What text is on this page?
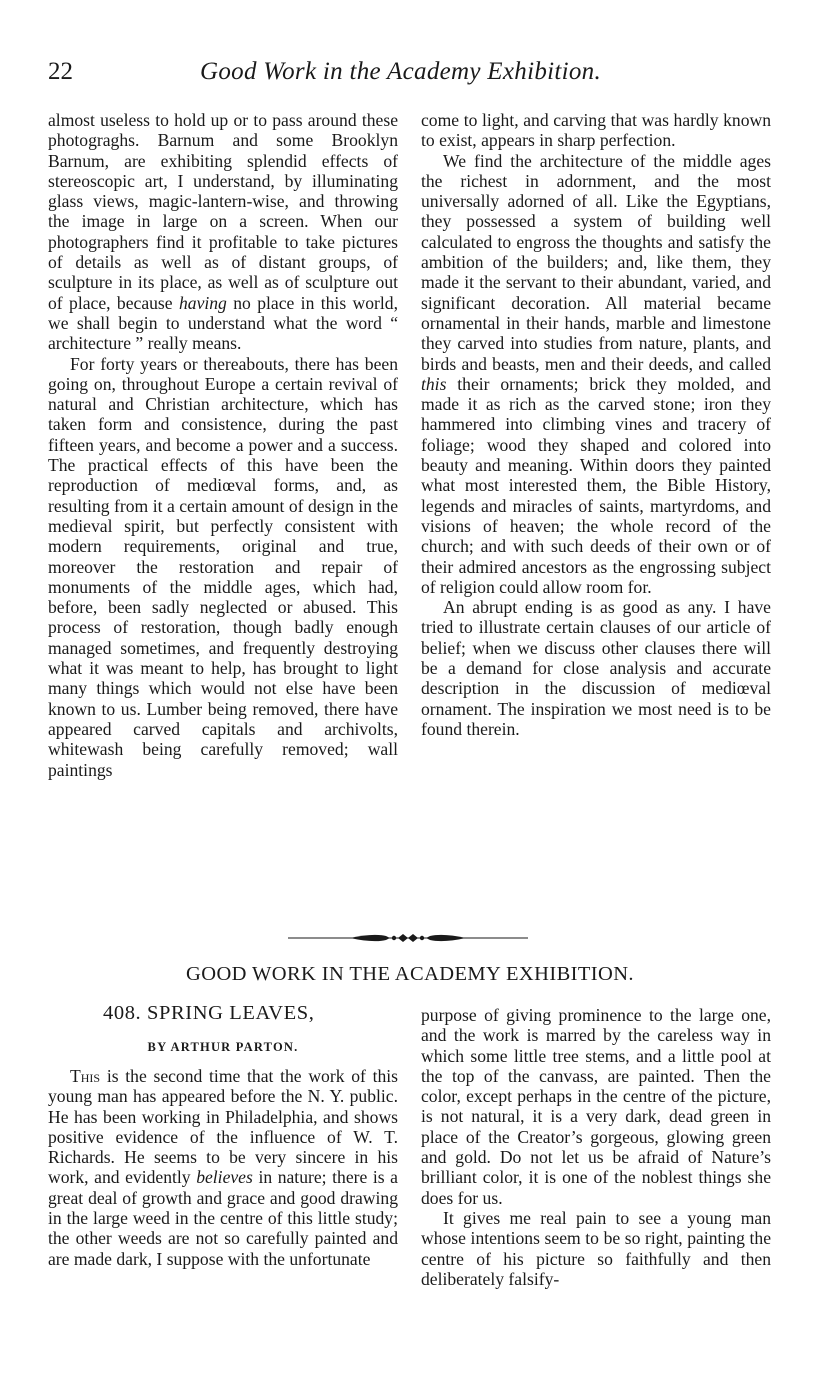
22	Good Work in the Academy Exhibition.

almost useless to hold up or to pass around these photograghs. Barnum and some Brooklyn Barnum, are exhibiting splendid effects of stereoscopic art, I understand, by illuminating glass views, magic-lantern-wise, and throwing the image in large on a screen. When our photographers find it profitable to take pictures of details as well as of distant groups, of sculpture in its place, as well as of sculpture out of place, because having no place in this world, we shall begin to understand what the word “ architecture ” really means.

For forty years or thereabouts, there has been going on, throughout Europe a certain revival of natural and Christian architecture, which has taken form and consistence, during the past fifteen years, and become a power and a success. The practical effects of this have been the reproduction of mediœval forms, and, as resulting from it a certain amount of design in the medieval spirit, but perfectly consistent with modern requirements, original and true, moreover the restoration and repair of monuments of the middle ages, which had, before, been sadly neglected or abused. This process of restoration, though badly enough managed sometimes, and frequently destroying what it was meant to help, has brought to light many things which would not else have been known to us. Lumber being removed, there have appeared carved capitals and archivolts, whitewash being carefully removed; wall paintings

come to light, and carving that was hardly known to exist, appears in sharp perfection.

We find the architecture of the middle ages the richest in adornment, and the most universally adorned of all. Like the Egyptians, they possessed a system of building well calculated to engross the thoughts and satisfy the ambition of the builders; and, like them, they made it the servant to their abundant, varied, and significant decoration. All material became ornamental in their hands, marble and limestone they carved into studies from nature, plants, and birds and beasts, men and their deeds, and called this their ornaments; brick they molded, and made it as rich as the carved stone; iron they hammered into climbing vines and tracery of foliage; wood they shaped and colored into beauty and meaning. Within doors they painted what most interested them, the Bible History, legends and miracles of saints, martyrdoms, and visions of heaven; the whole record of the church; and with such deeds of their own or of their admired ancestors as the engrossing subject of religion could allow room for.

An abrupt ending is as good as any. I have tried to illustrate certain clauses of our article of belief; when we discuss other clauses there will be a demand for close analysis and accurate description in the discussion of mediœval ornament. The inspiration we most need is to be found therein.

GOOD WORK IN THE ACADEMY EXHIBITION.
408. SPRING LEAVES,
BY ARTHUR PARTON.

This is the second time that the work of this young man has appeared before the N. Y. public. He has been working in Philadelphia, and shows positive evidence of the influence of W. T. Richards. He seems to be very sincere in his work, and evidently believes in nature; there is a great deal of growth and grace and good drawing in the large weed in the centre of this little study; the other weeds are not so carefully painted and are made dark, I suppose with the unfortunate

purpose of giving prominence to the large one, and the work is marred by the careless way in which some little tree stems, and a little pool at the top of the canvass, are painted. Then the color, except perhaps in the centre of the picture, is not natural, it is a very dark, dead green in place of the Creator’s gorgeous, glowing green and gold. Do not let us be afraid of Nature’s brilliant color, it is one of the noblest things she does for us.

It gives me real pain to see a young man whose intentions seem to be so right, painting the centre of his picture so faithfully and then deliberately falsify-
